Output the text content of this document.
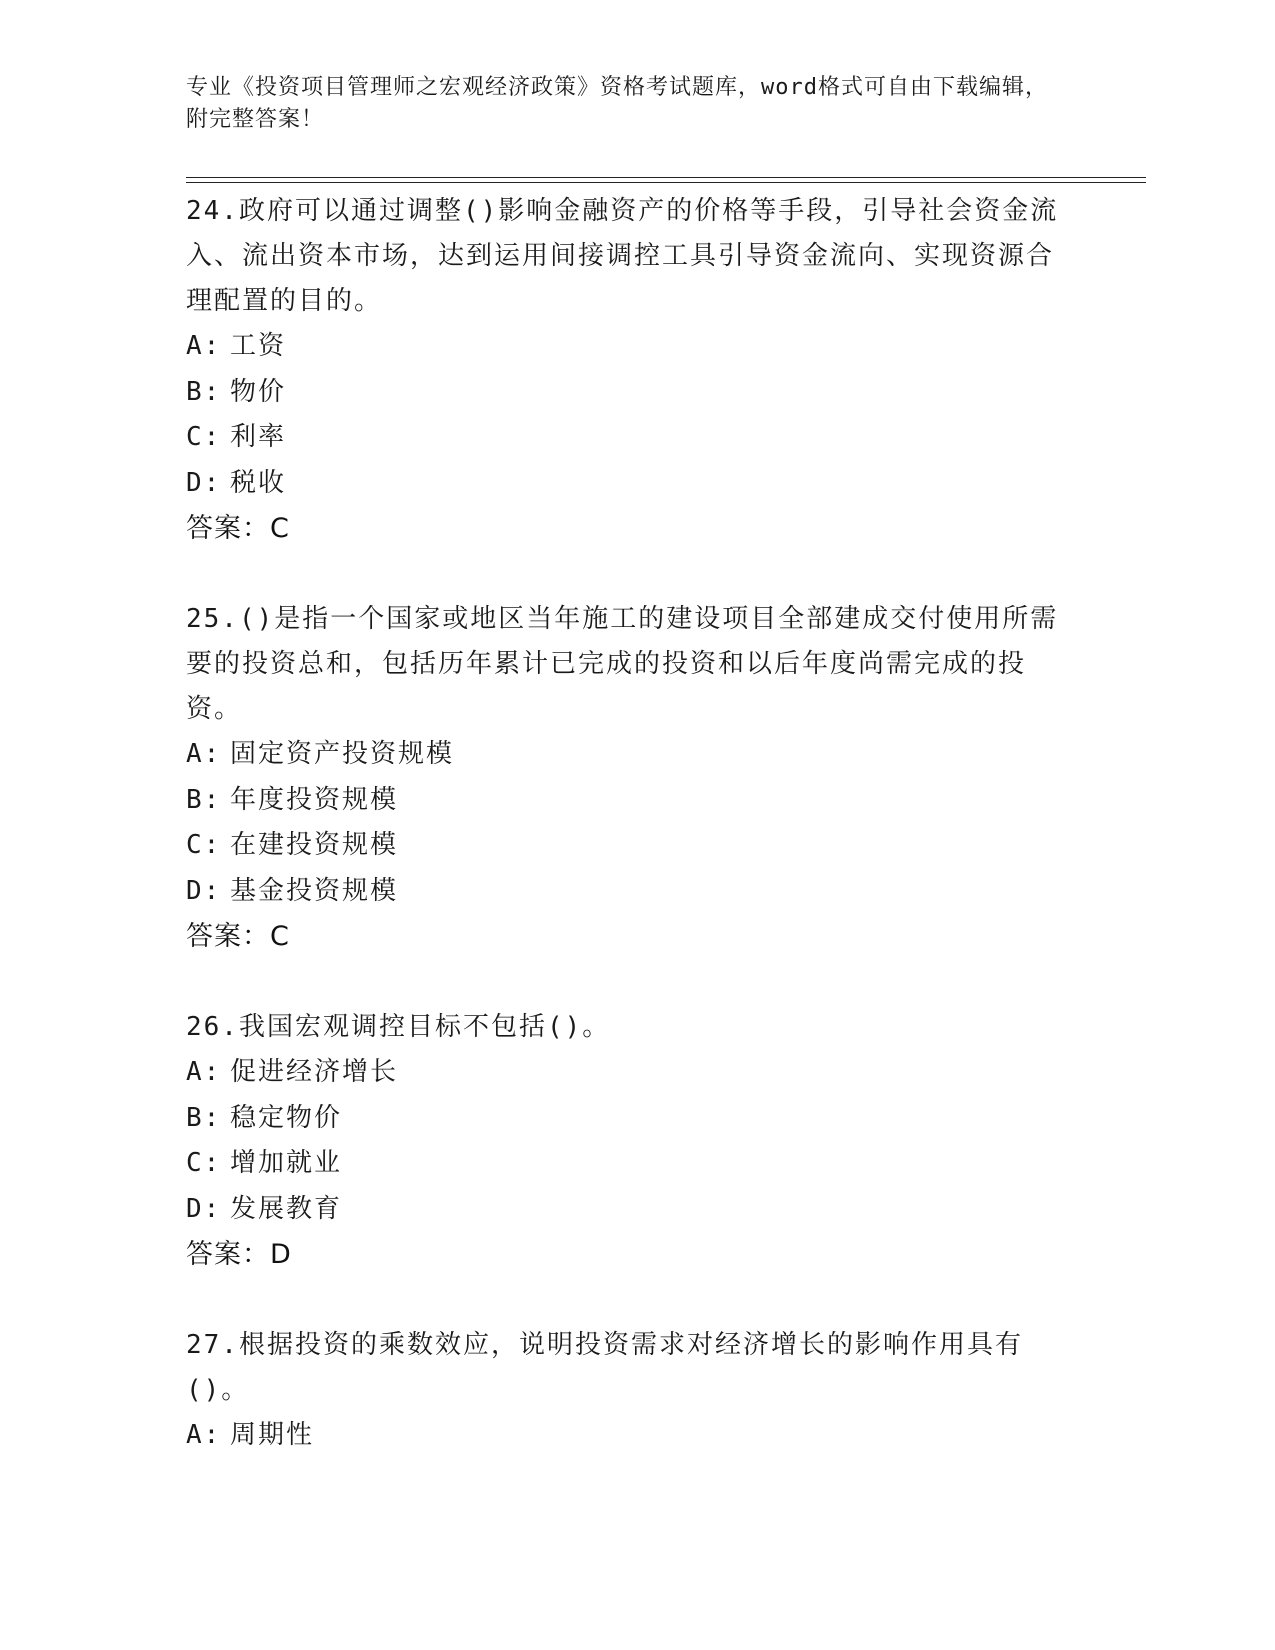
专业《投资项目管理师之宏观经济政策》资格考试题库，word格式可自由下载编辑，附完整答案！

24.政府可以通过调整()影响金融资产的价格等手段，引导社会资金流入、流出资本市场，达到运用间接调控工具引导资金流向、实现资源合理配置的目的。

A: 工资

B: 物价

C: 利率

D: 税收

答案：C

25.()是指一个国家或地区当年施工的建设项目全部建成交付使用所需要的投资总和，包括历年累计已完成的投资和以后年度尚需完成的投资。

A: 固定资产投资规模

B: 年度投资规模

C: 在建投资规模

D: 基金投资规模

答案：C

26.我国宏观调控目标不包括()。

A: 促进经济增长

B: 稳定物价

C: 增加就业

D: 发展教育

答案：D

27.根据投资的乘数效应，说明投资需求对经济增长的影响作用具有()。

A: 周期性
